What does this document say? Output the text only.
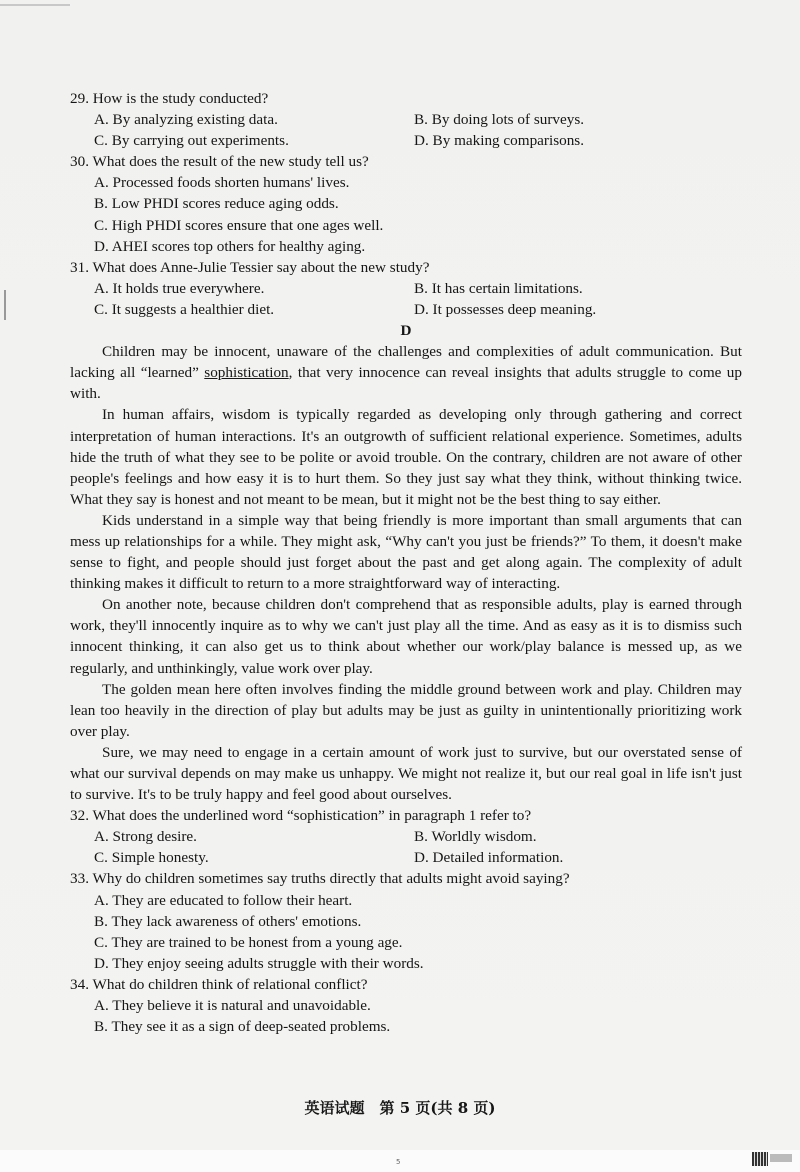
29. How is the study conducted?

A. By analyzing existing data.	B. By doing lots of surveys.
C. By carrying out experiments.	D. By making comparisons.

30. What does the result of the new study tell us?

A. Processed foods shorten humans' lives.
B. Low PHDI scores reduce aging odds.
C. High PHDI scores ensure that one ages well.
D. AHEI scores top others for healthy aging.

31. What does Anne-Julie Tessier say about the new study?

A. It holds true everywhere.	B. It has certain limitations.
C. It suggests a healthier diet.	D. It possesses deep meaning.

D

Children may be innocent, unaware of the challenges and complexities of adult communication. But lacking all “learned” sophistication, that very innocence can reveal insights that adults struggle to come up with.

In human affairs, wisdom is typically regarded as developing only through gathering and correct interpretation of human interactions. It's an outgrowth of sufficient relational experience. Sometimes, adults hide the truth of what they see to be polite or avoid trouble. On the contrary, children are not aware of other people's feelings and how easy it is to hurt them. So they just say what they think, without thinking twice. What they say is honest and not meant to be mean, but it might not be the best thing to say either.

Kids understand in a simple way that being friendly is more important than small arguments that can mess up relationships for a while. They might ask, “Why can't you just be friends?” To them, it doesn't make sense to fight, and people should just forget about the past and get along again. The complexity of adult thinking makes it difficult to return to a more straightforward way of interacting.

On another note, because children don't comprehend that as responsible adults, play is earned through work, they'll innocently inquire as to why we can't just play all the time. And as easy as it is to dismiss such innocent thinking, it can also get us to think about whether our work/play balance is messed up, as we regularly, and unthinkingly, value work over play.

The golden mean here often involves finding the middle ground between work and play. Children may lean too heavily in the direction of play but adults may be just as guilty in unintentionally prioritizing work over play.

Sure, we may need to engage in a certain amount of work just to survive, but our overstated sense of what our survival depends on may make us unhappy. We might not realize it, but our real goal in life isn't just to survive. It's to be truly happy and feel good about ourselves.

32. What does the underlined word “sophistication” in paragraph 1 refer to?

A. Strong desire.	B. Worldly wisdom.
C. Simple honesty.	D. Detailed information.

33. Why do children sometimes say truths directly that adults might avoid saying?

A. They are educated to follow their heart.
B. They lack awareness of others' emotions.
C. They are trained to be honest from a young age.
D. They enjoy seeing adults struggle with their words.

34. What do children think of relational conflict?

A. They believe it is natural and unavoidable.
B. They see it as a sign of deep-seated problems.
英语试题　第 5 页(共 8 页)
5
